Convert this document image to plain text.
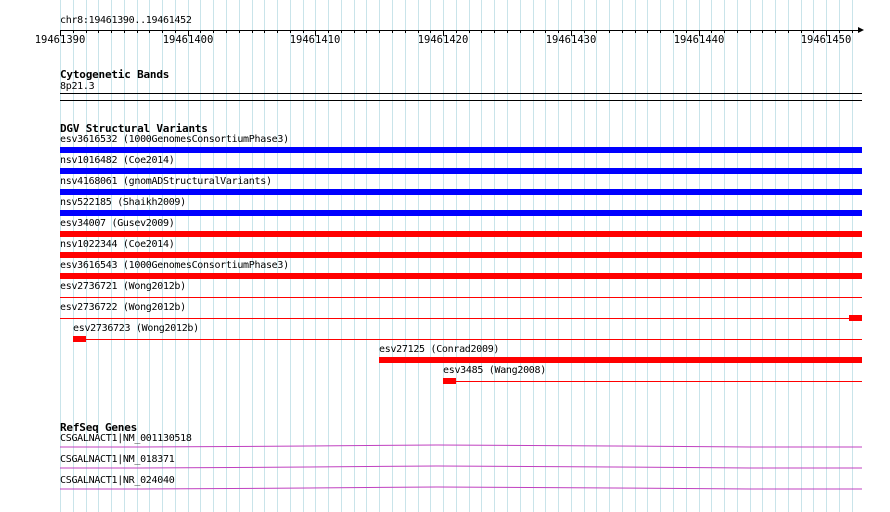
chr8:19461390..19461452
19461390	19461400	19461410	19461420	19461430	19461440	19461450
Cytogenetic Bands
8p21.3
DGV Structural Variants
esv3616532 (1000GenomesConsortiumPhase3)
nsv1016482 (Coe2014)
nsv4168061 (gnomADStructuralVariants)
nsv522185 (Shaikh2009)
esv34007 (Gusev2009)
nsv1022344 (Coe2014)
esv3616543 (1000GenomesConsortiumPhase3)
esv2736721 (Wong2012b)
esv2736722 (Wong2012b)
esv2736723 (Wong2012b)
esv27125 (Conrad2009)
esv3485 (Wang2008)
RefSeq Genes
CSGALNACT1|NM_001130518
CSGALNACT1|NM_018371
CSGALNACT1|NR_024040
